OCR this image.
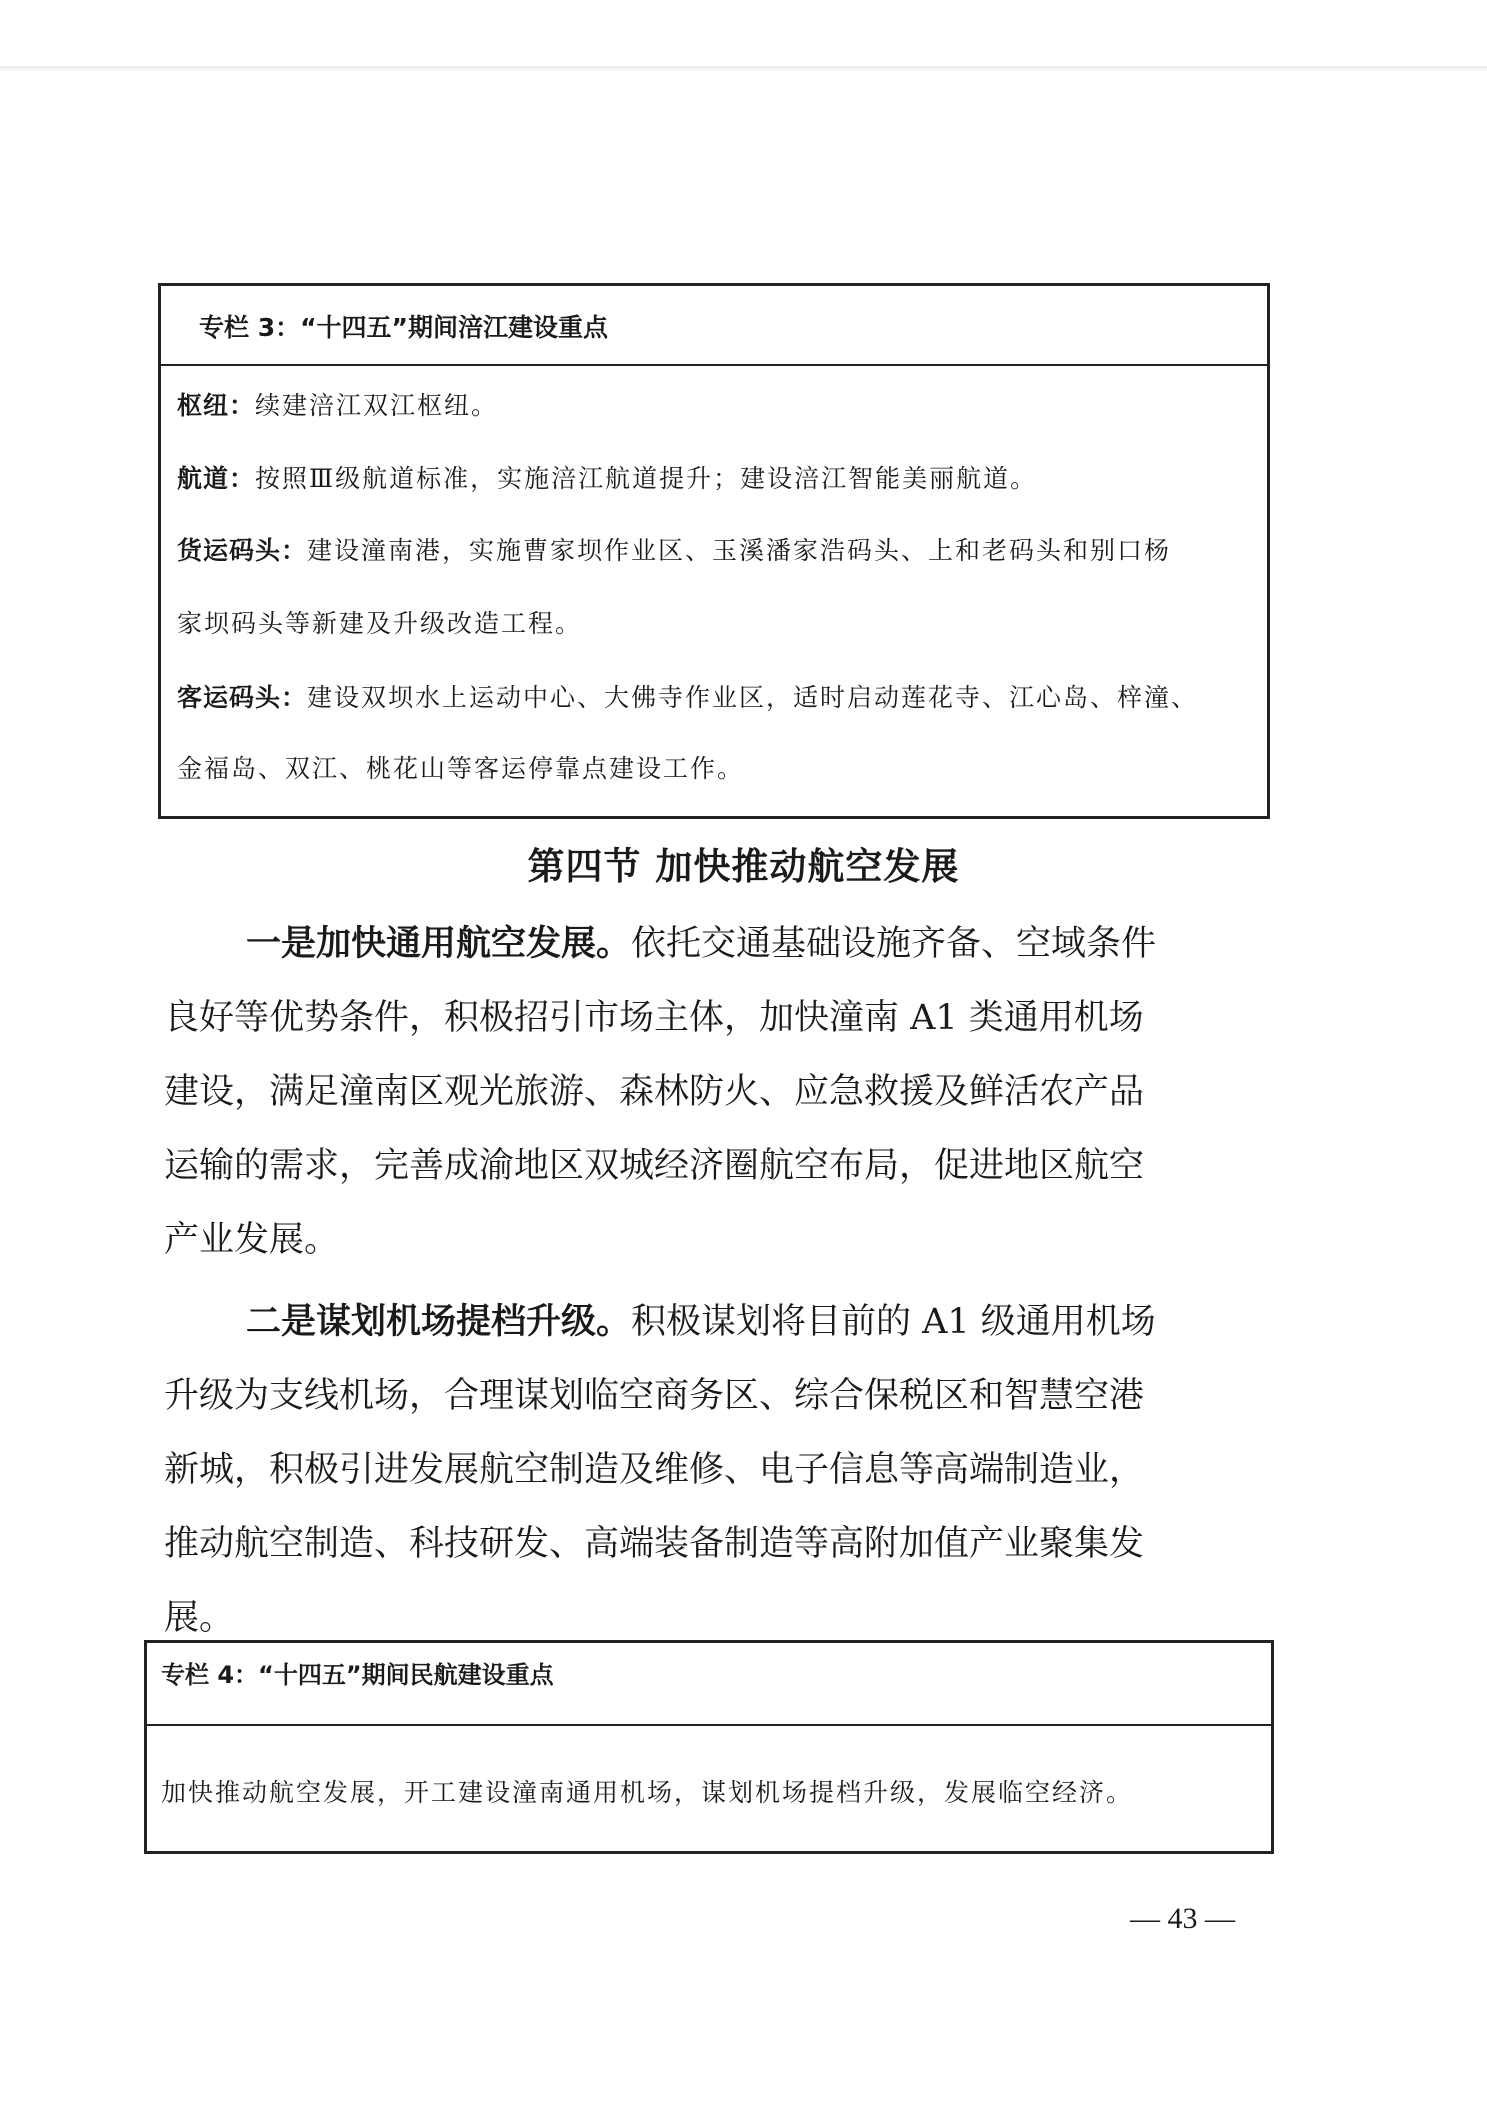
专栏 3：“十四五”期间涪江建设重点
枢纽：续建涪江双江枢纽。
航道：按照Ⅲ级航道标准，实施涪江航道提升；建设涪江智能美丽航道。
货运码头：建设潼南港，实施曹家坝作业区、玉溪潘家浩码头、上和老码头和别口杨
家坝码头等新建及升级改造工程。
客运码头：建设双坝水上运动中心、大佛寺作业区，适时启动莲花寺、江心岛、梓潼、
金福岛、双江、桃花山等客运停靠点建设工作。
第四节 加快推动航空发展
一是加快通用航空发展。依托交通基础设施齐备、空域条件
良好等优势条件，积极招引市场主体，加快潼南 A1 类通用机场
建设，满足潼南区观光旅游、森林防火、应急救援及鲜活农产品
运输的需求，完善成渝地区双城经济圈航空布局，促进地区航空
产业发展。
二是谋划机场提档升级。积极谋划将目前的 A1 级通用机场
升级为支线机场，合理谋划临空商务区、综合保税区和智慧空港
新城，积极引进发展航空制造及维修、电子信息等高端制造业，
推动航空制造、科技研发、高端装备制造等高附加值产业聚集发
展。
专栏 4：“十四五”期间民航建设重点
加快推动航空发展，开工建设潼南通用机场，谋划机场提档升级，发展临空经济。
— 43 —
